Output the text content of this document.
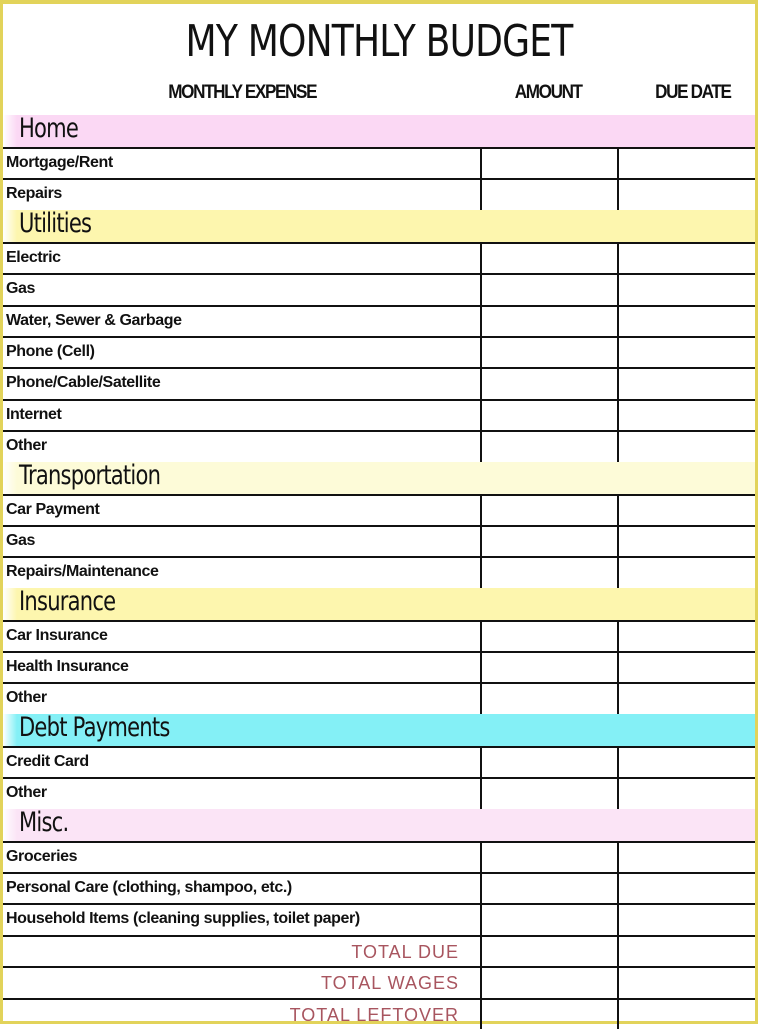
MY MONTHLY BUDGET
MONTHLY EXPENSE	AMOUNT	DUE DATE
Home
Mortgage/Rent
Repairs
Utilities
Electric
Gas
Water, Sewer & Garbage
Phone (Cell)
Phone/Cable/Satellite
Internet
Other
Transportation
Car Payment
Gas
Repairs/Maintenance
Insurance
Car Insurance
Health Insurance
Other
Debt Payments
Credit Card
Other
Misc.
Groceries
Personal Care (clothing, shampoo, etc.)
Household Items (cleaning supplies, toilet paper)
TOTAL DUE
TOTAL WAGES
TOTAL LEFTOVER
